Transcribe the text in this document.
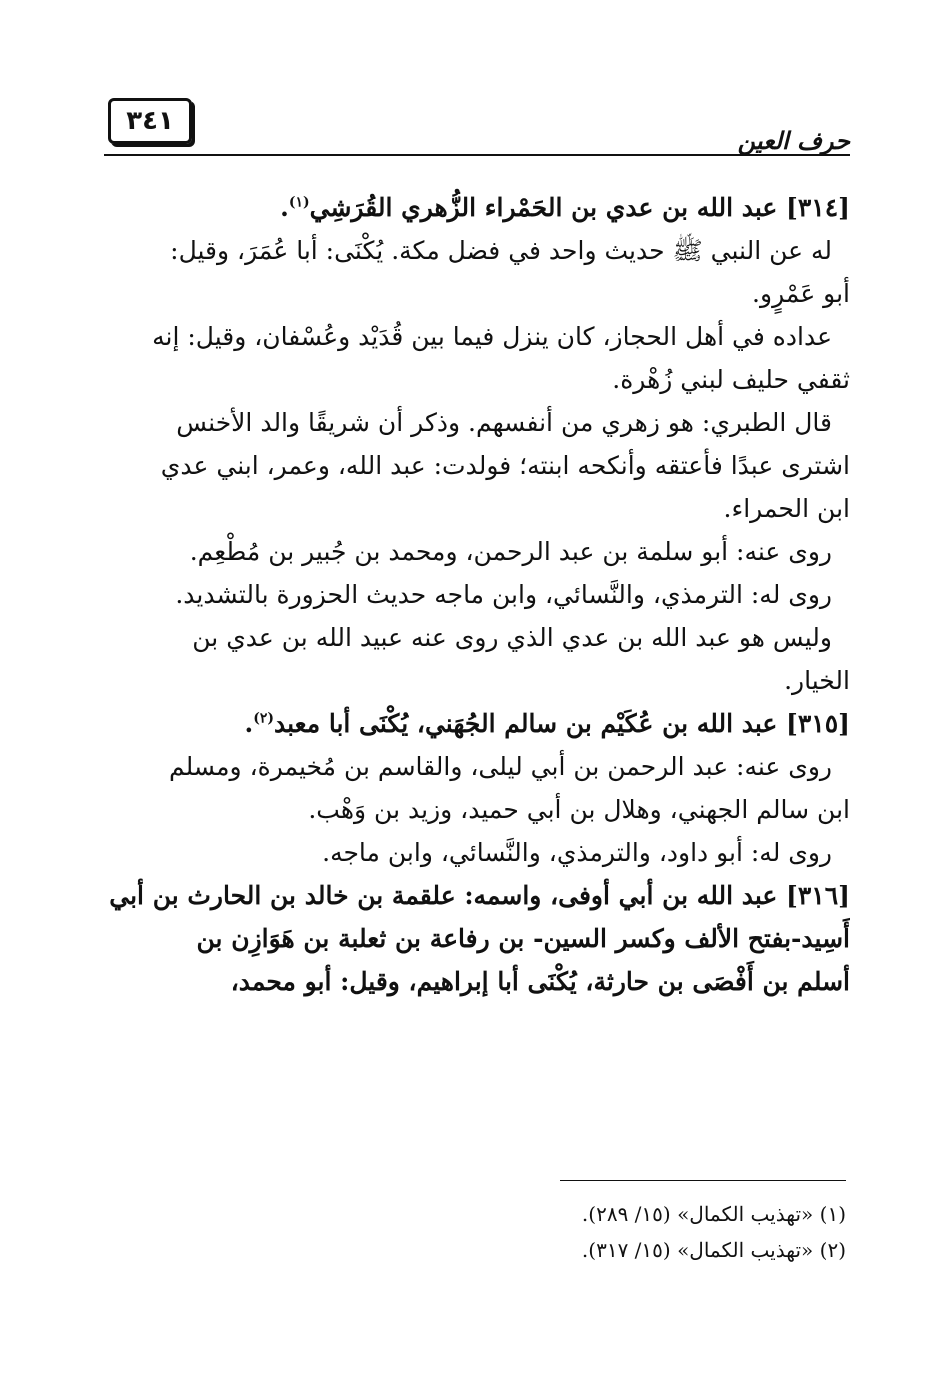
حرف العين
٣٤١
[٣١٤] عبد الله بن عدي بن الحَمْراء الزُّهري القُرَشِي$^{(١)}$.
له عن النبي ﷺ حديث واحد في فضل مكة. يُكْنَى: أبا عُمَرَ، وقيل:
أبو عَمْرٍو.
عداده في أهل الحجاز، كان ينزل فيما بين قُدَيْد وعُسْفان، وقيل: إنه
ثقفي حليف لبني زُهْرة.
قال الطبري: هو زهري من أنفسهم. وذكر أن شريقًا والد الأخنس
اشترى عبدًا فأعتقه وأنكحه ابنته؛ فولدت: عبد الله، وعمر، ابني عدي
ابن الحمراء.
روى عنه: أبو سلمة بن عبد الرحمن، ومحمد بن جُبير بن مُطْعِم.
روى له: الترمذي، والنَّسائي، وابن ماجه حديث الحزورة بالتشديد.
وليس هو عبد الله بن عدي الذي روى عنه عبيد الله بن عدي بن
الخيار.
[٣١٥] عبد الله بن عُكَيْم بن سالم الجُهَني، يُكْنَى أبا معبد$^{(٢)}$.
روى عنه: عبد الرحمن بن أبي ليلى، والقاسم بن مُخيمرة، ومسلم
ابن سالم الجهني، وهلال بن أبي حميد، وزيد بن وَهْب.
روى له: أبو داود، والترمذي، والنَّسائي، وابن ماجه.
[٣١٦] عبد الله بن أبي أوفى، واسمه: علقمة بن خالد بن الحارث بن أبي
أَسِيد-بفتح الألف وكسر السين- بن رفاعة بن ثعلبة بن هَوَازِن بن
أسلم بن أَفْصَى بن حارثة، يُكْنَى أبا إبراهيم، وقيل: أبو محمد،
(١) «تهذيب الكمال» (١٥/ ٢٨٩).
(٢) «تهذيب الكمال» (١٥/ ٣١٧).
